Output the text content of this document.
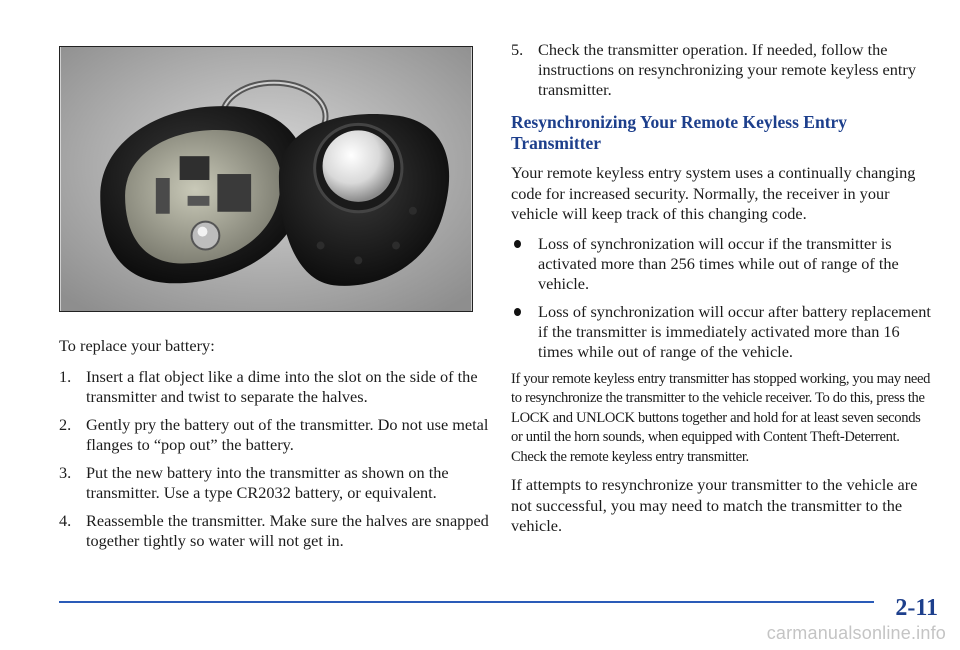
To replace your battery:

1. Insert a flat object like a dime into the slot on the side of the transmitter and twist to separate the halves.
2. Gently pry the battery out of the transmitter. Do not use metal flanges to “pop out” the battery.
3. Put the new battery into the transmitter as shown on the transmitter. Use a type CR2032 battery, or equivalent.
4. Reassemble the transmitter. Make sure the halves are snapped together tightly so water will not get in.
5. Check the transmitter operation. If needed, follow the instructions on resynchronizing your remote keyless entry transmitter.
Resynchronizing Your Remote Keyless Entry Transmitter

Your remote keyless entry system uses a continually changing code for increased security. Normally, the receiver in your vehicle will keep track of this changing code.

Loss of synchronization will occur if the transmitter is activated more than 256 times while out of range of the vehicle.
Loss of synchronization will occur after battery replacement if the transmitter is immediately activated more than 16 times while out of range of the vehicle.

If your remote keyless entry transmitter has stopped working, you may need to resynchronize the transmitter to the vehicle receiver. To do this, press the LOCK and UNLOCK buttons together and hold for at least seven seconds or until the horn sounds, when equipped with Content Theft-Deterrent. Check the remote keyless entry transmitter.

If attempts to resynchronize your transmitter to the vehicle are not successful, you may need to match the transmitter to the vehicle.

2-11
carmanualsonline.info
